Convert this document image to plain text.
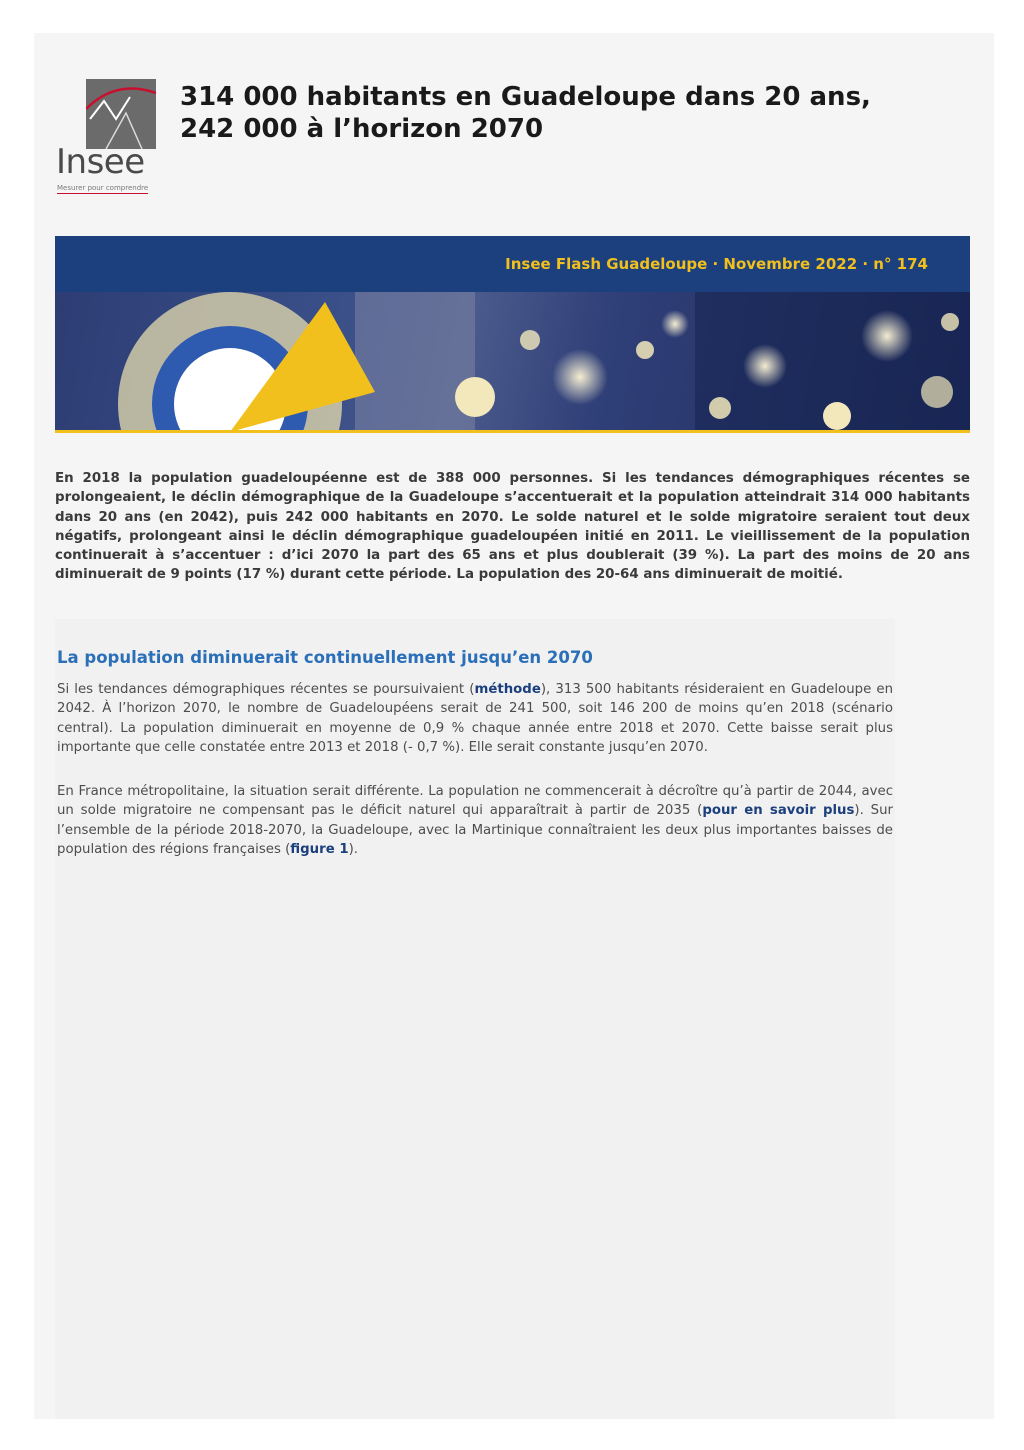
Insee
Mesurer pour comprendre
314 000 habitants en Guadeloupe dans 20 ans,
242 000 à l’horizon 2070
Insee Flash Guadeloupe · Novembre 2022 · n° 174

En 2018 la population guadeloupéenne est de 388 000 personnes. Si les tendances démographiques récentes se prolongeaient, le déclin démographique de la Guadeloupe s’accentuerait et la population atteindrait 314 000 habitants dans 20 ans (en 2042), puis 242 000 habitants en 2070. Le solde naturel et le solde migratoire seraient tout deux négatifs, prolongeant ainsi le déclin démographique guadeloupéen initié en 2011. Le vieillissement de la population continuerait à s’accentuer : d’ici 2070 la part des 65 ans et plus doublerait (39 %). La part des moins de 20 ans diminuerait de 9 points (17 %) durant cette période. La population des 20-64 ans diminuerait de moitié.

La population diminuerait continuellement jusqu’en 2070

Si les tendances démographiques récentes se poursuivaient (méthode), 313 500 habitants résideraient en Guadeloupe en 2042. À l’horizon 2070, le nombre de Guadeloupéens serait de 241 500, soit 146 200 de moins qu’en 2018 (scénario central). La population diminuerait en moyenne de 0,9 % chaque année entre 2018 et 2070. Cette baisse serait plus importante que celle constatée entre 2013 et 2018 (- 0,7 %). Elle serait constante jusqu’en 2070.

En France métropolitaine, la situation serait différente. La population ne commencerait à décroître qu’à partir de 2044, avec un solde migratoire ne compensant pas le déficit naturel qui apparaîtrait à partir de 2035 (pour en savoir plus). Sur l’ensemble de la période 2018-2070, la Guadeloupe, avec la Martinique connaîtraient les deux plus importantes baisses de population des régions françaises (figure 1).
